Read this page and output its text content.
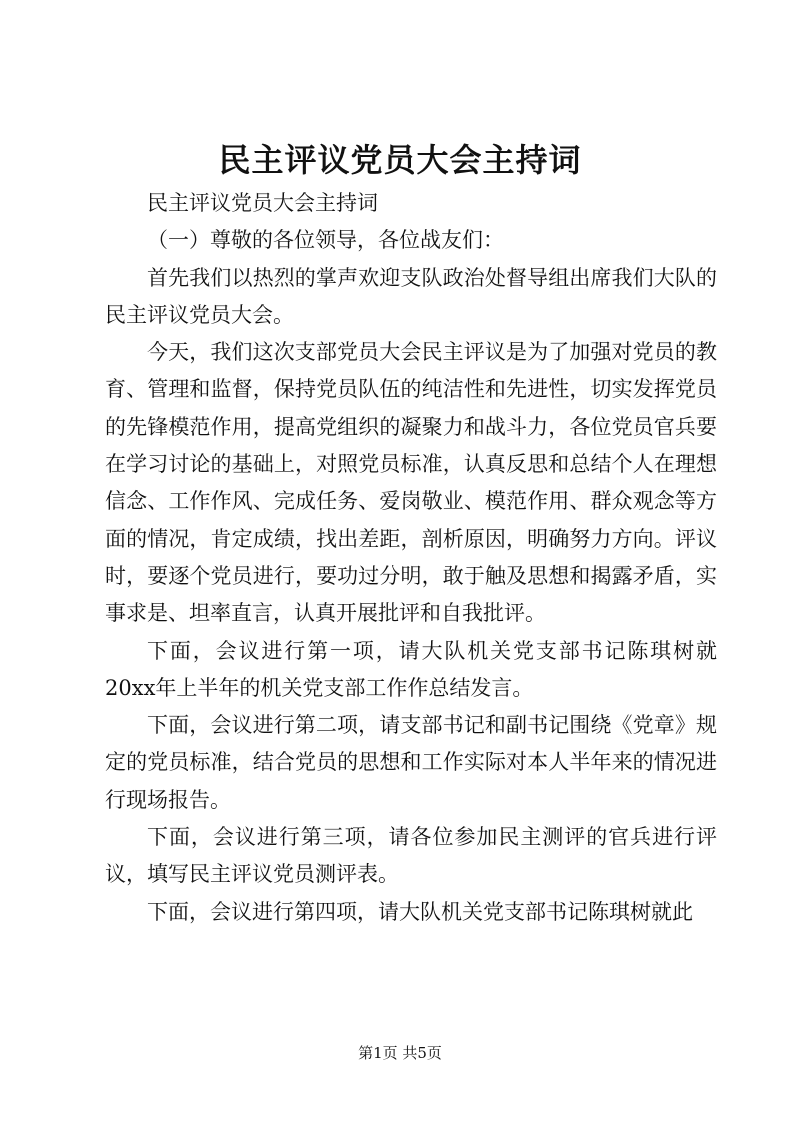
民主评议党员大会主持词

民主评议党员大会主持词

（一）尊敬的各位领导，各位战友们：

首先我们以热烈的掌声欢迎支队政治处督导组出席我们大队的民主评议党员大会。

今天，我们这次支部党员大会民主评议是为了加强对党员的教育、管理和监督，保持党员队伍的纯洁性和先进性，切实发挥党员的先锋模范作用，提高党组织的凝聚力和战斗力，各位党员官兵要在学习讨论的基础上，对照党员标准，认真反思和总结个人在理想信念、工作作风、完成任务、爱岗敬业、模范作用、群众观念等方面的情况，肯定成绩，找出差距，剖析原因，明确努力方向。评议时，要逐个党员进行，要功过分明，敢于触及思想和揭露矛盾，实事求是、坦率直言，认真开展批评和自我批评。

下面，会议进行第一项，请大队机关党支部书记陈琪树就20xx年上半年的机关党支部工作作总结发言。

下面，会议进行第二项，请支部书记和副书记围绕《党章》规定的党员标准，结合党员的思想和工作实际对本人半年来的情况进行现场报告。

下面，会议进行第三项，请各位参加民主测评的官兵进行评议，填写民主评议党员测评表。

下面，会议进行第四项，请大队机关党支部书记陈琪树就此

第1页 共5页
